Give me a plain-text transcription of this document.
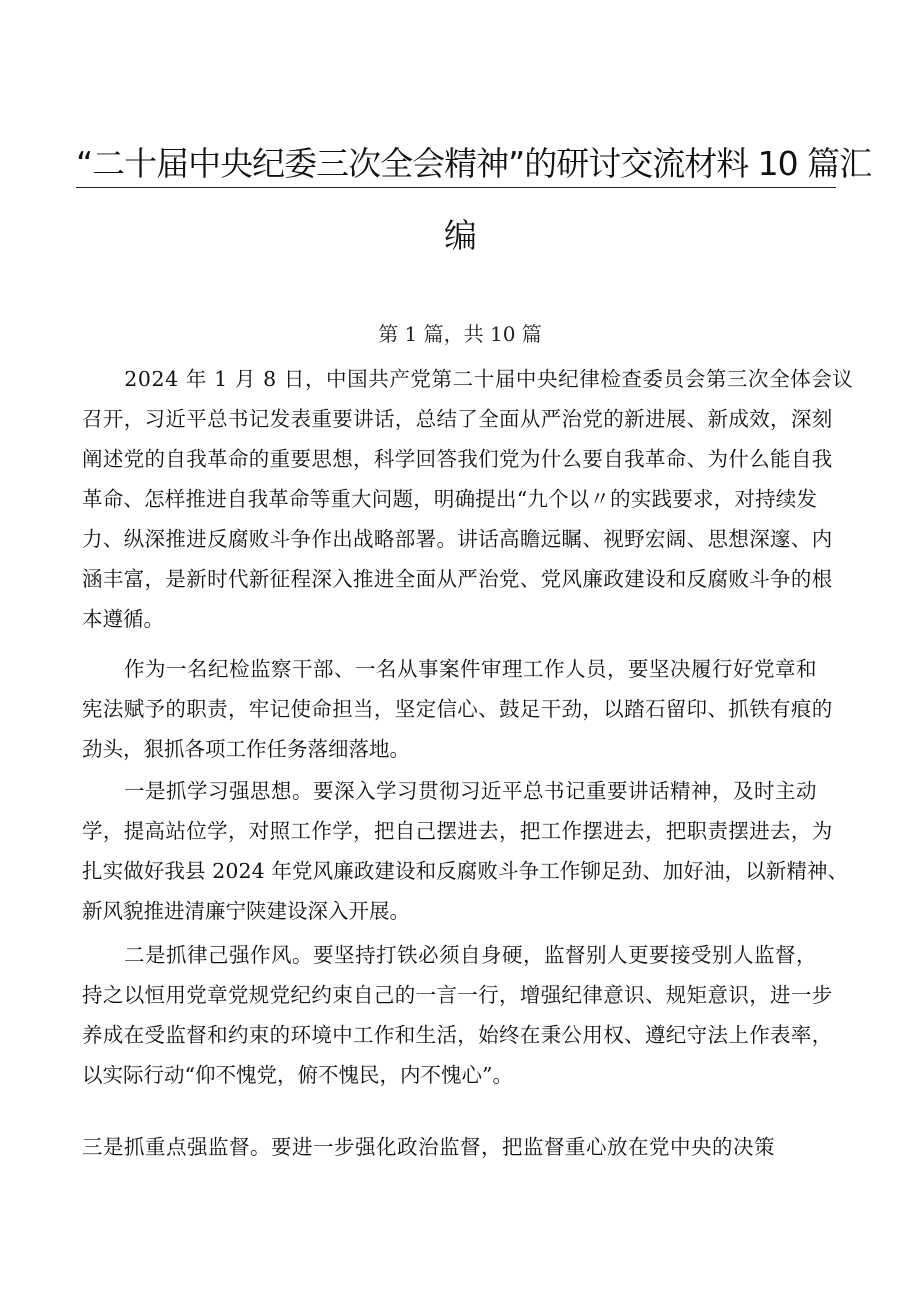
“二十届中央纪委三次全会精神”的研讨交流材料 10 篇汇
编
第 1 篇，共 10 篇
　　2024 年 1 月 8 日，中国共产党第二十届中央纪律检查委员会第三次全体会议
召开，习近平总书记发表重要讲话，总结了全面从严治党的新进展、新成效，深刻
阐述党的自我革命的重要思想，科学回答我们党为什么要自我革命、为什么能自我
革命、怎样推进自我革命等重大问题，明确提出“九个以〃的实践要求，对持续发
力、纵深推进反腐败斗争作出战略部署。讲话高瞻远瞩、视野宏阔、思想深邃、内
涵丰富，是新时代新征程深入推进全面从严治党、党风廉政建设和反腐败斗争的根
本遵循。
　　作为一名纪检监察干部、一名从事案件审理工作人员，要坚决履行好党章和
宪法赋予的职责，牢记使命担当，坚定信心、鼓足干劲，以踏石留印、抓铁有痕的
劲头，狠抓各项工作任务落细落地。
　　一是抓学习强思想。要深入学习贯彻习近平总书记重要讲话精神，及时主动
学，提高站位学，对照工作学，把自己摆进去，把工作摆进去，把职责摆进去，为
扎实做好我县 2024 年党风廉政建设和反腐败斗争工作铆足劲、加好油，以新精神、
新风貌推进清廉宁陕建设深入开展。
　　二是抓律己强作风。要坚持打铁必须自身硬，监督别人更要接受别人监督，
持之以恒用党章党规党纪约束自己的一言一行，增强纪律意识、规矩意识，进一步
养成在受监督和约束的环境中工作和生活，始终在秉公用权、遵纪守法上作表率，
以实际行动“仰不愧党，俯不愧民，内不愧心”。
三是抓重点强监督。要进一步强化政治监督，把监督重心放在党中央的决策
